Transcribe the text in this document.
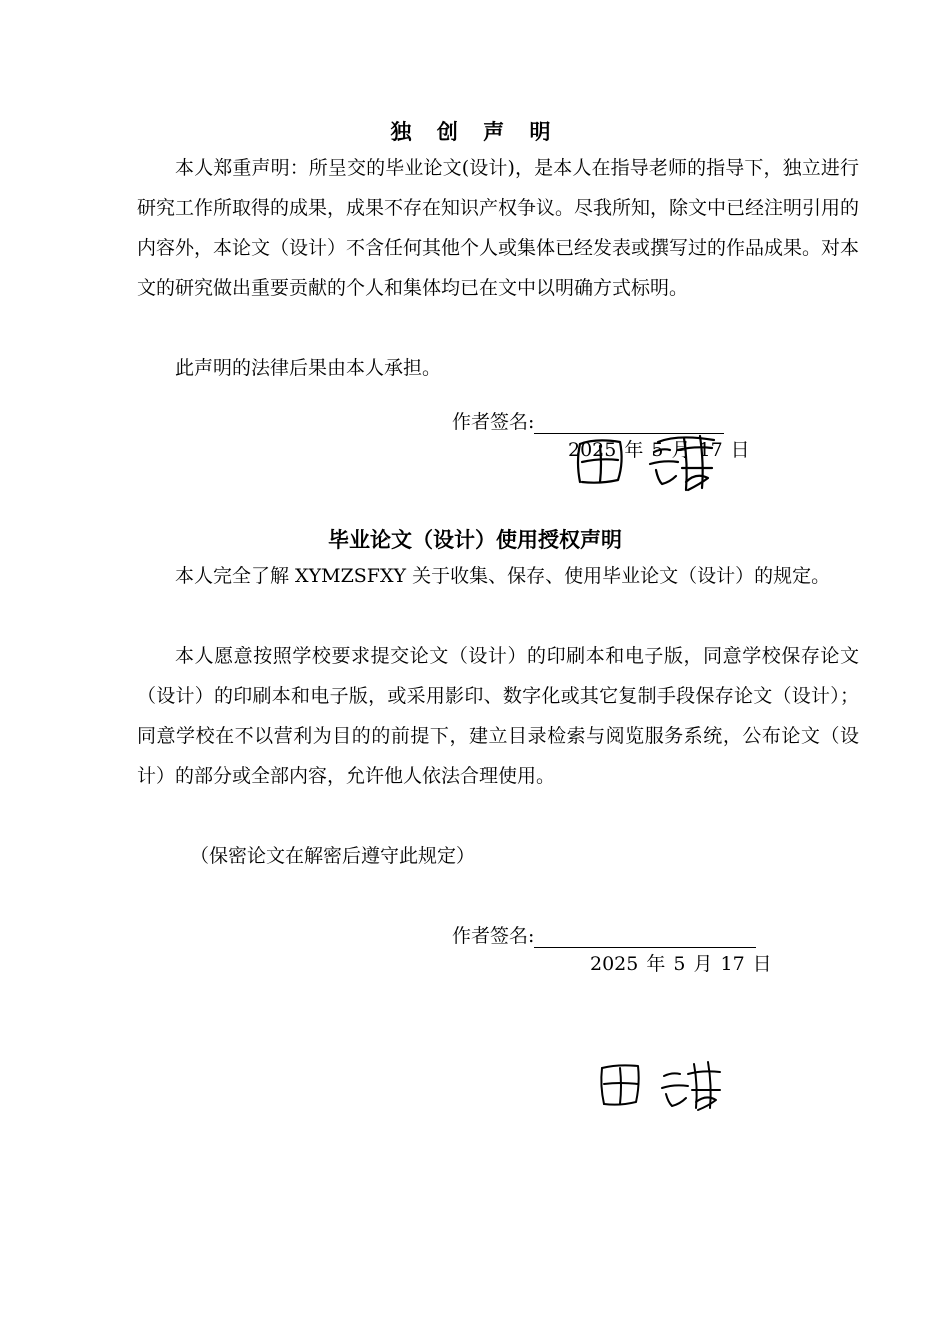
独 创 声 明

本人郑重声明：所呈交的毕业论文(设计)，是本人在指导老师的指导下，独立进行研究工作所取得的成果，成果不存在知识产权争议。尽我所知，除文中已经注明引用的内容外，本论文（设计）不含任何其他个人或集体已经发表或撰写过的作品成果。对本文的研究做出重要贡献的个人和集体均已在文中以明确方式标明。

此声明的法律后果由本人承担。

作者签名:
2025 年 5 月 17 日
毕业论文（设计）使用授权声明

本人完全了解 XYMZSFXY 关于收集、保存、使用毕业论文（设计）的规定。

本人愿意按照学校要求提交论文（设计）的印刷本和电子版，同意学校保存论文（设计）的印刷本和电子版，或采用影印、数字化或其它复制手段保存论文（设计）；同意学校在不以营利为目的的前提下，建立目录检索与阅览服务系统，公布论文（设计）的部分或全部内容，允许他人依法合理使用。

（保密论文在解密后遵守此规定）

作者签名:
2025 年 5 月 17 日
